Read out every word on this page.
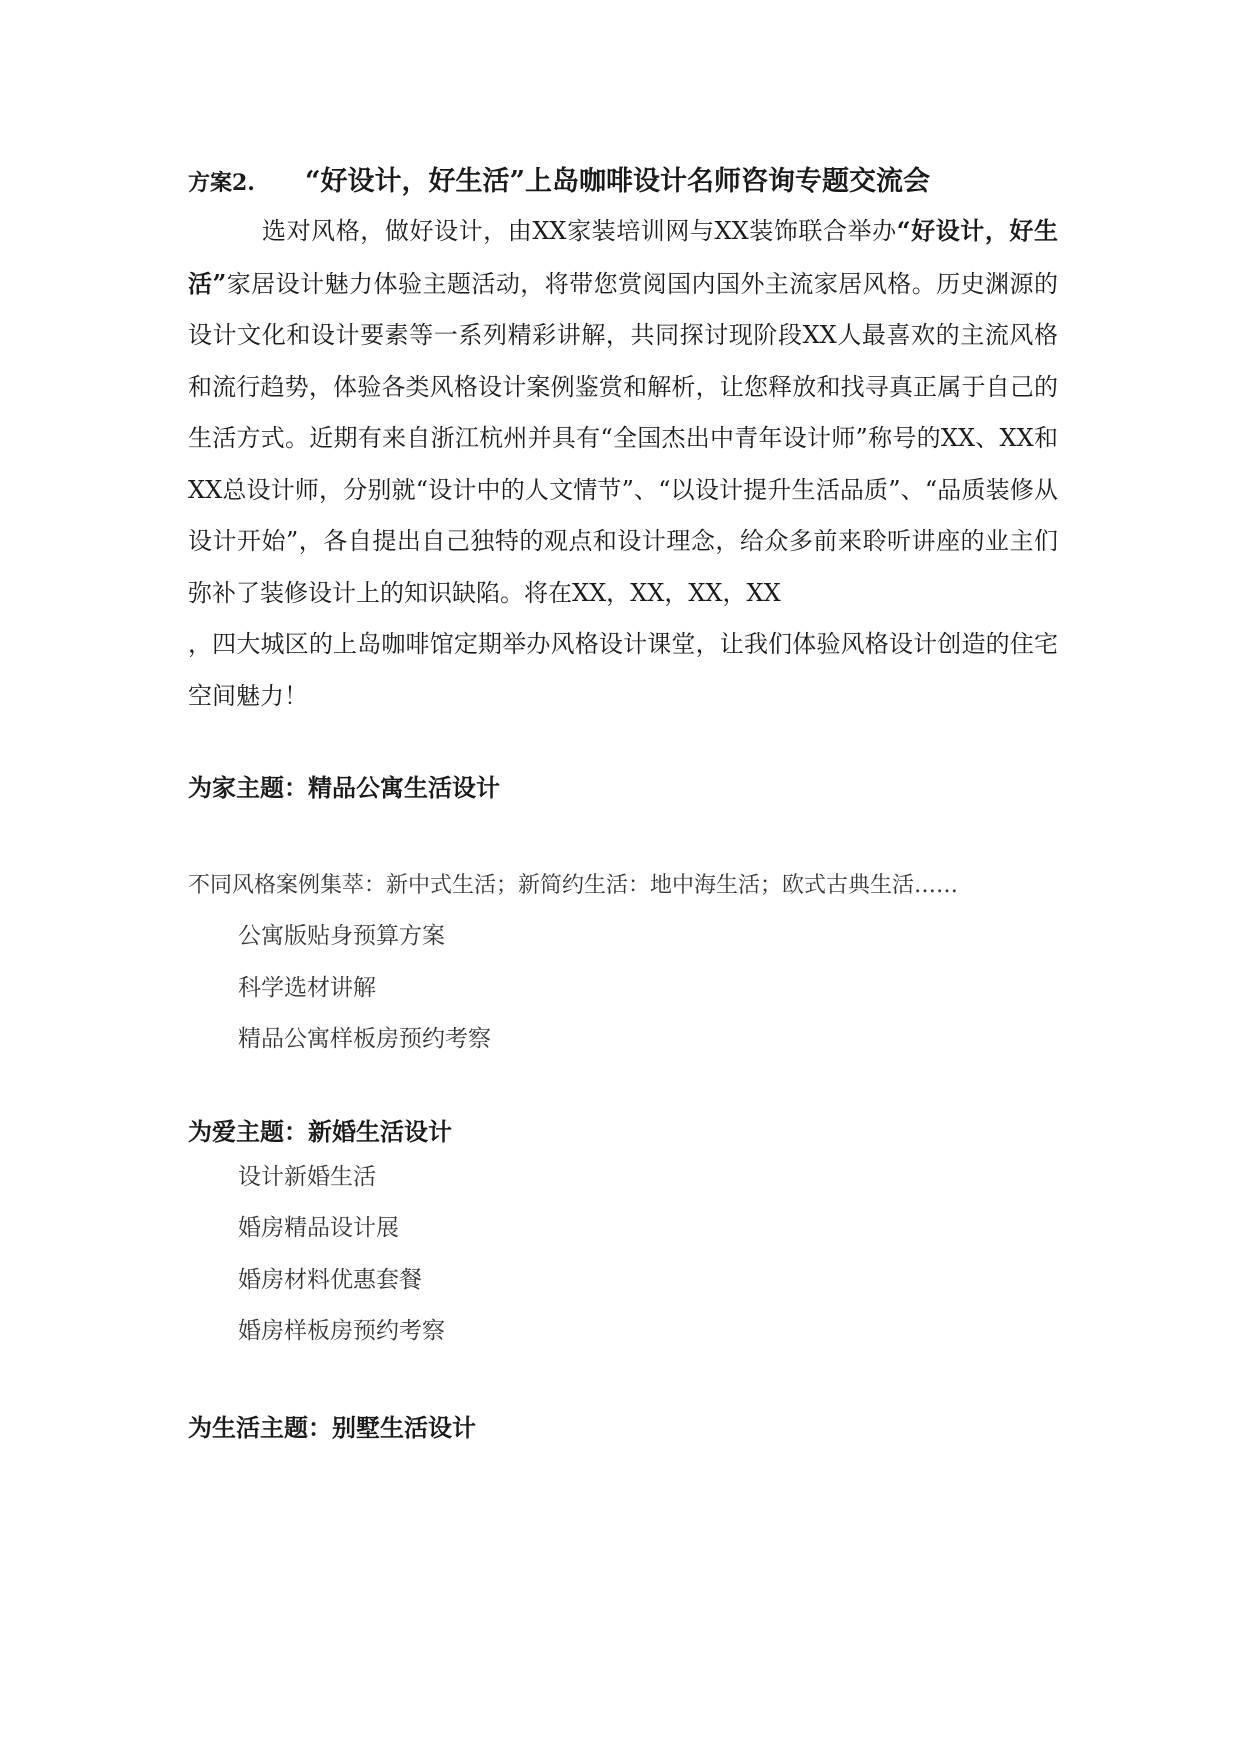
方案2. “好设计，好生活”上岛咖啡设计名师咨询专题交流会

选对风格，做好设计，由XX家装培训网与XX装饰联合举办“好设计，好生活”家居设计魅力体验主题活动，将带您赏阅国内国外主流家居风格。历史渊源的设计文化和设计要素等一系列精彩讲解，共同探讨现阶段XX人最喜欢的主流风格和流行趋势，体验各类风格设计案例鉴赏和解析，让您释放和找寻真正属于自己的生活方式。近期有来自浙江杭州并具有“全国杰出中青年设计师”称号的XX、XX和XX总设计师，分别就“设计中的人文情节”、“以设计提升生活品质”、“品质装修从设计开始”，各自提出自己独特的观点和设计理念，给众多前来聆听讲座的业主们弥补了装修设计上的知识缺陷。将在XX，XX，XX，XX
，四大城区的上岛咖啡馆定期举办风格设计课堂，让我们体验风格设计创造的住宅空间魅力！

为家主题：精品公寓生活设计

不同风格案例集萃：新中式生活；新简约生活：地中海生活；欧式古典生活……

公寓版贴身预算方案
科学选材讲解
精品公寓样板房预约考察
为爱主题：新婚生活设计
设计新婚生活
婚房精品设计展
婚房材料优惠套餐
婚房样板房预约考察
为生活主题：别墅生活设计
